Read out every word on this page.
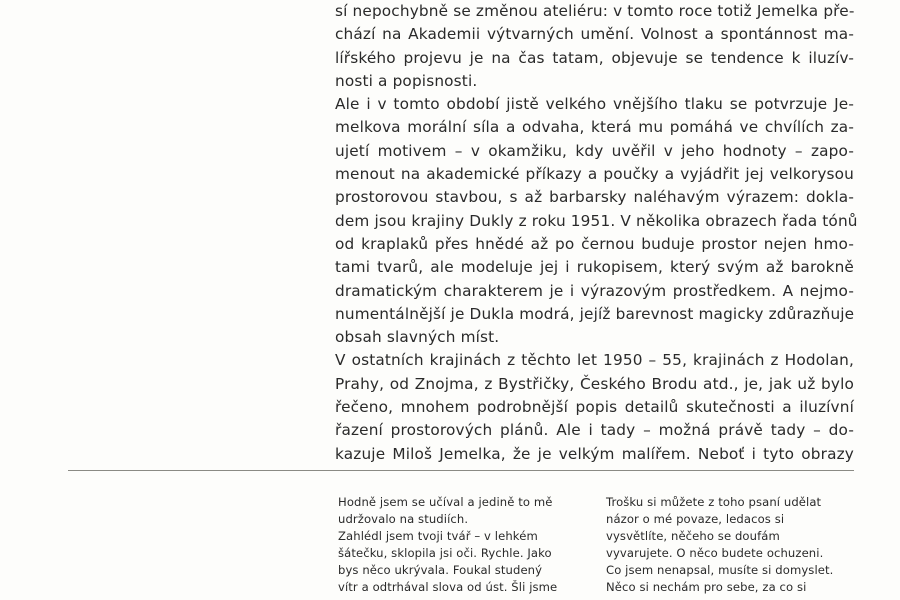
sí nepochybně se změnou ateliéru: v tomto roce totiž Jemelka pře-
chází na Akademii výtvarných umění. Volnost a spontánnost ma-
lířského projevu je na čas tatam, objevuje se tendence k iluzív-
nosti a popisnosti.
Ale i v tomto období jistě velkého vnějšího tlaku se potvrzuje Je-
melkova morální síla a odvaha, která mu pomáhá ve chvílích za-
ujetí motivem – v okamžiku, kdy uvěřil v jeho hodnoty – zapo-
menout na akademické příkazy a poučky a vyjádřit jej velkorysou
prostorovou stavbou, s až barbarsky naléhavým výrazem: dokla-
dem jsou krajiny Dukly z roku 1951. V několika obrazech řada tónů
od kraplaků přes hnědé až po černou buduje prostor nejen hmo-
tami tvarů, ale modeluje jej i rukopisem, který svým až barokně
dramatickým charakterem je i výrazovým prostředkem. A nejmo-
numentálnější je Dukla modrá, jejíž barevnost magicky zdůrazňuje
obsah slavných míst.
V ostatních krajinách z těchto let 1950 – 55, krajinách z Hodolan,
Prahy, od Znojma, z Bystřičky, Českého Brodu atd., je, jak už bylo
řečeno, mnohem podrobnější popis detailů skutečnosti a iluzívní
řazení prostorových plánů. Ale i tady – možná právě tady – do-
kazuje Miloš Jemelka, že je velkým malířem. Neboť i tyto obrazy
Hodně jsem se učíval a jedině to mě
udržovalo na studiích.
Zahlédl jsem tvoji tvář – v lehkém
šátečku, sklopila jsi oči. Rychle. Jako
bys něco ukrývala. Foukal studený
vítr a odtrhával slova od úst. Šli jsme
Trošku si můžete z toho psaní udělat
názor o mé povaze, ledacos si
vysvětlíte, něčeho se doufám
vyvarujete. O něco budete ochuzeni.
Co jsem nenapsal, musíte si domyslet.
Něco si nechám pro sebe, za co si
